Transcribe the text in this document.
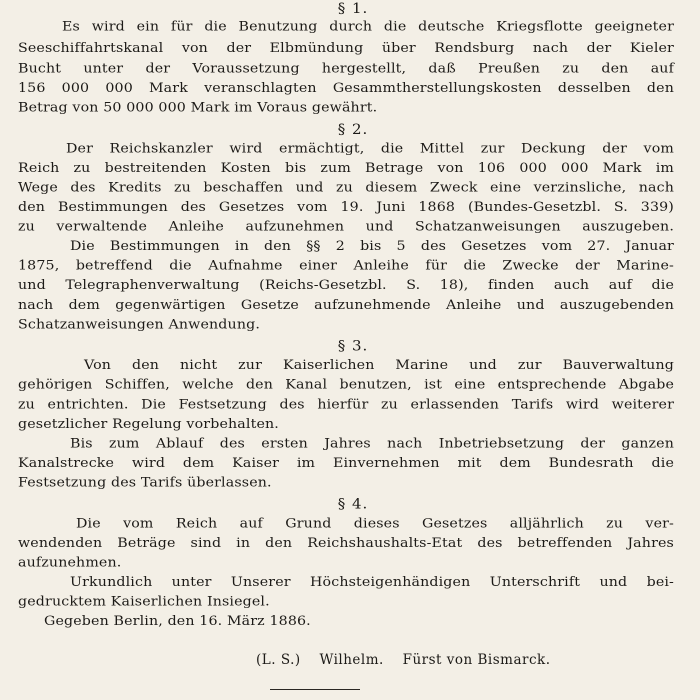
§ 1.
Es wird ein für die Benutzung durch die deutsche Kriegsflotte geeigneter
Seeschiffahrtskanal von der Elbmündung über Rendsburg nach der Kieler
Bucht unter der Voraussetzung hergestellt, daß Preußen zu den auf
156 000 000 Mark veranschlagten Gesammtherstellungskosten desselben den
Betrag von 50 000 000 Mark im Voraus gewährt.
§ 2.
Der Reichskanzler wird ermächtigt, die Mittel zur Deckung der vom
Reich zu bestreitenden Kosten bis zum Betrage von 106 000 000 Mark im
Wege des Kredits zu beschaffen und zu diesem Zweck eine verzinsliche, nach
den Bestimmungen des Gesetzes vom 19. Juni 1868 (Bundes-Gesetzbl. S. 339)
zu verwaltende Anleihe aufzunehmen und Schatzanweisungen auszugeben.
Die Bestimmungen in den §§ 2 bis 5 des Gesetzes vom 27. Januar
1875, betreffend die Aufnahme einer Anleihe für die Zwecke der Marine-
und Telegraphenverwaltung (Reichs-Gesetzbl. S. 18), finden auch auf die
nach dem gegenwärtigen Gesetze aufzunehmende Anleihe und auszugebenden
Schatzanweisungen Anwendung.
§ 3.
Von den nicht zur Kaiserlichen Marine und zur Bauverwaltung
gehörigen Schiffen, welche den Kanal benutzen, ist eine entsprechende Abgabe
zu entrichten. Die Festsetzung des hierfür zu erlassenden Tarifs wird weiterer
gesetzlicher Regelung vorbehalten.
Bis zum Ablauf des ersten Jahres nach Inbetriebsetzung der ganzen
Kanalstrecke wird dem Kaiser im Einvernehmen mit dem Bundesrath die
Festsetzung des Tarifs überlassen.
§ 4.
Die vom Reich auf Grund dieses Gesetzes alljährlich zu ver-
wendenden Beträge sind in den Reichshaushalts-Etat des betreffenden Jahres
aufzunehmen.
Urkundlich unter Unserer Höchsteigenhändigen Unterschrift und bei-
gedrucktem Kaiserlichen Insiegel.
Gegeben Berlin, den 16. März 1886.
(L. S.) Wilhelm. Fürst von Bismarck.
